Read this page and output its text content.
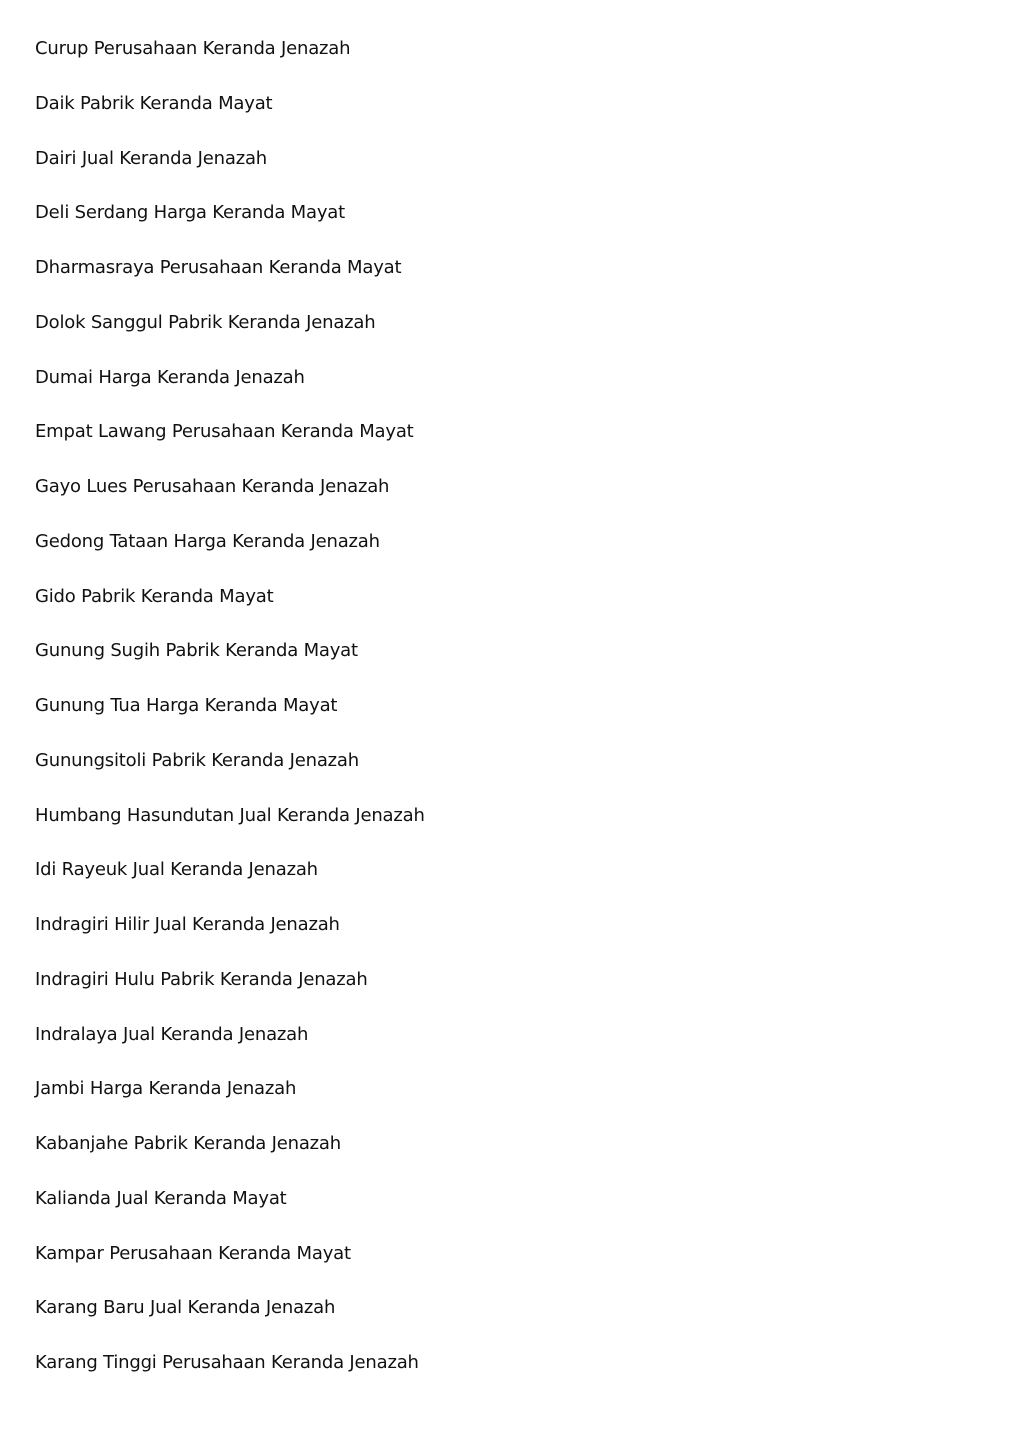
Curup Perusahaan Keranda Jenazah
Daik Pabrik Keranda Mayat
Dairi Jual Keranda Jenazah
Deli Serdang Harga Keranda Mayat
Dharmasraya Perusahaan Keranda Mayat
Dolok Sanggul Pabrik Keranda Jenazah
Dumai Harga Keranda Jenazah
Empat Lawang Perusahaan Keranda Mayat
Gayo Lues Perusahaan Keranda Jenazah
Gedong Tataan Harga Keranda Jenazah
Gido Pabrik Keranda Mayat
Gunung Sugih Pabrik Keranda Mayat
Gunung Tua Harga Keranda Mayat
Gunungsitoli Pabrik Keranda Jenazah
Humbang Hasundutan Jual Keranda Jenazah
Idi Rayeuk Jual Keranda Jenazah
Indragiri Hilir Jual Keranda Jenazah
Indragiri Hulu Pabrik Keranda Jenazah
Indralaya Jual Keranda Jenazah
Jambi Harga Keranda Jenazah
Kabanjahe Pabrik Keranda Jenazah
Kalianda Jual Keranda Mayat
Kampar Perusahaan Keranda Mayat
Karang Baru Jual Keranda Jenazah
Karang Tinggi Perusahaan Keranda Jenazah
